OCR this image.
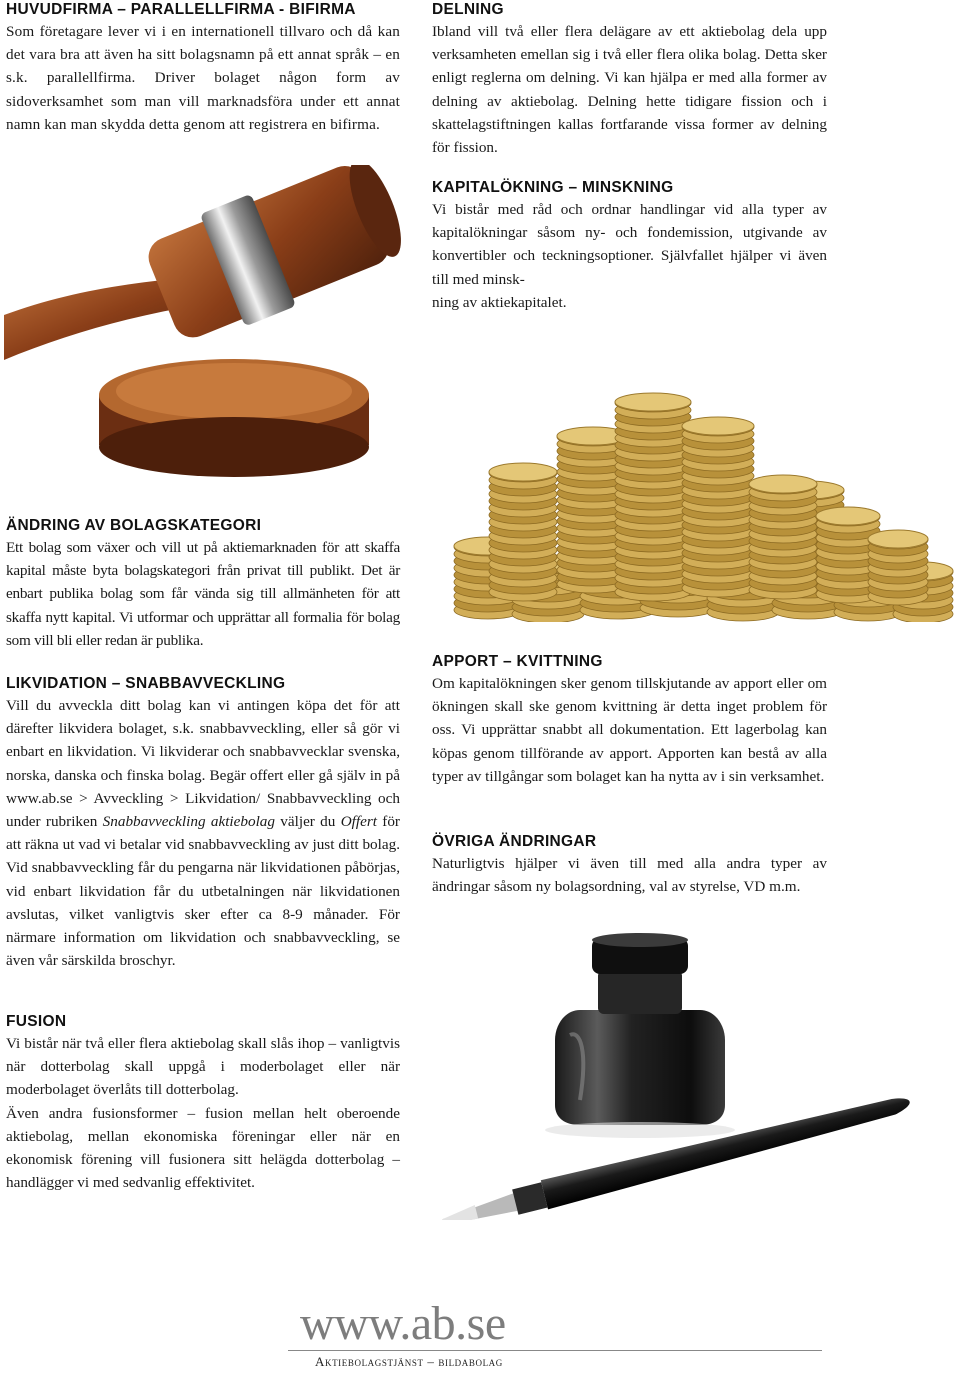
HUVUDFIRMA – PARALLELLFIRMA - BIFIRMA

Som företagare lever vi i en internationell tillvaro och då kan det vara bra att även ha sitt bolagsnamn på ett annat språk – en s.k. parallellfirma. Driver bolaget någon form av sidoverksamhet som man vill marknadsföra under ett annat namn kan man skydda detta genom att registrera en bifirma.

DELNING

Ibland vill två eller flera delägare av ett aktiebolag dela upp verksamheten emellan sig i två eller flera olika bolag. Detta sker enligt reglerna om delning. Vi kan hjälpa er med alla former av delning av aktiebolag. Delning hette tidigare fission och i skattelagstiftningen kallas fortfarande vissa former av delning för fission.

KAPITALÖKNING – MINSKNING

Vi bistår med råd och ordnar handlingar vid alla typer av kapitalökningar såsom ny- och fondemission, utgivande av konvertibler och teckningsoptioner. Självfallet hjälper vi även till med minsk-

ning av aktiekapitalet.

ÄNDRING AV BOLAGSKATEGORI

Ett bolag som växer och vill ut på aktiemarknaden för att skaffa kapital måste byta bolagskategori från privat till publikt. Det är enbart publika bolag som får vända sig till allmänheten för att skaffa nytt kapital. Vi utformar och upprättar all formalia för bolag som vill bli eller redan är publika.

LIKVIDATION – SNABBAVVECKLING

Vill du avveckla ditt bolag kan vi antingen köpa det för att därefter likvidera bolaget, s.k. snabbavveckling, eller så gör vi enbart en likvidation. Vi likviderar och snabbavvecklar svenska, norska, danska och finska bolag. Begär offert eller gå själv in på www.ab.se > Avveckling > Likvidation/ Snabbavveckling och under rubriken Snabbavveckling aktiebolag väljer du Offert för att räkna ut vad vi betalar vid snabbavveckling av just ditt bolag. Vid snabbavveckling får du pengarna när likvidationen påbörjas, vid enbart likvidation får du utbetalningen när likvidationen avslutas, vilket vanligtvis sker efter ca 8-9 månader. För närmare information om likvidation och snabbavveckling, se även vår särskilda broschyr.

FUSION

Vi bistår när två eller flera aktiebolag skall slås ihop – vanligtvis när dotterbolag skall uppgå i moderbolaget eller när moderbolaget överlåts till dotterbolag.

Även andra fusionsformer – fusion mellan helt oberoende aktiebolag, mellan ekonomiska föreningar eller när en ekonomisk förening vill fusionera sitt helägda dotterbolag – handlägger vi med sedvanlig effektivitet.

APPORT – KVITTNING

Om kapitalökningen sker genom tillskjutande av apport eller om ökningen skall ske genom kvittning är detta inget problem för oss. Vi upprättar snabbt all dokumentation. Ett lagerbolag kan köpas genom tillförande av apport. Apporten kan bestå av alla typer av tillgångar som bolaget kan ha nytta av i sin verksamhet.

ÖVRIGA ÄNDRINGAR

Naturligtvis hjälper vi även till med alla andra typer av ändringar såsom ny bolagsordning, val av styrelse, VD m.m.

www.ab.se
Aktiebolagstjänst – bildabolag
